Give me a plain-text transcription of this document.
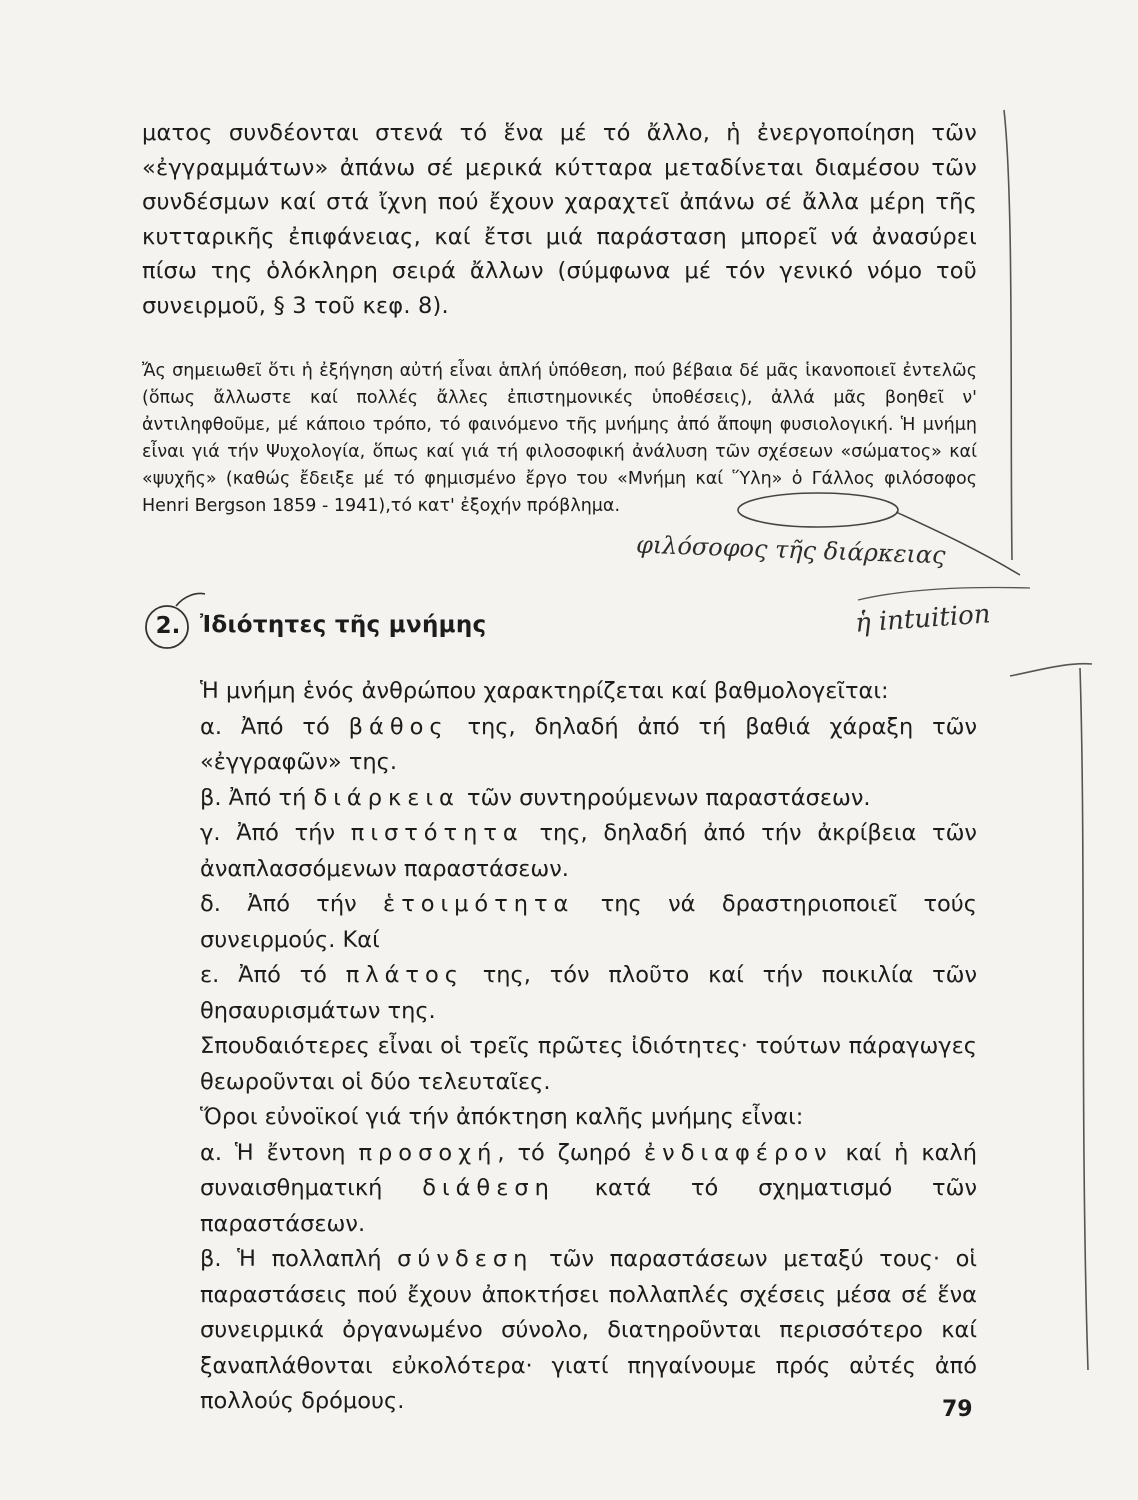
ματος συνδέονται στενά τό ἕνα μέ τό ἄλλο, ἡ ἐνεργοποίηση τῶν «ἐγγραμμάτων» ἀπάνω σέ μερικά κύτταρα μεταδίνεται διαμέσου τῶν συνδέσμων καί στά ἴχνη πού ἔχουν χαραχτεῖ ἀπάνω σέ ἄλλα μέρη τῆς κυτταρικῆς ἐπιφάνειας, καί ἔτσι μιά παράσταση μπορεῖ νά ἀνασύρει πίσω της ὁλόκληρη σειρά ἄλλων (σύμφωνα μέ τόν γενικό νόμο τοῦ συνειρμοῦ, § 3 τοῦ κεφ. 8).

Ἄς σημειωθεῖ ὅτι ἡ ἐξήγηση αὐτή εἶναι ἁπλή ὑπόθεση, πού βέβαια δέ μᾶς ἱκανοποιεῖ ἐντελῶς (ὅπως ἄλλωστε καί πολλές ἄλλες ἐπιστημονικές ὑποθέσεις), ἀλλά μᾶς βοηθεῖ ν' ἀντιληφθοῦμε, μέ κάποιο τρόπο, τό φαινόμενο τῆς μνήμης ἀπό ἄποψη φυσιολογική. Ἡ μνήμη εἶναι γιά τήν Ψυχολογία, ὅπως καί γιά τή φιλοσοφική ἀνάλυση τῶν σχέσεων «σώματος» καί «ψυχῆς» (καθώς ἔδειξε μέ τό φημισμένο ἔργο του «Μνήμη καί Ὕλη» ὁ Γάλλος φιλόσοφος Henri Bergson 1859 - 1941),τό κατ' ἐξοχήν πρόβλημα.

2. Ἰδιότητες τῆς μνήμης

Ἡ μνήμη ἑνός ἀνθρώπου χαρακτηρίζεται καί βαθμολογεῖται:

α. Ἀπό τό βάθος της, δηλαδή ἀπό τή βαθιά χάραξη τῶν «ἐγγραφῶν» της.

β. Ἀπό τή διάρκεια τῶν συντηρούμενων παραστάσεων.

γ. Ἀπό τήν πιστότητα της, δηλαδή ἀπό τήν ἀκρίβεια τῶν ἀναπλασσόμενων παραστάσεων.

δ. Ἀπό τήν ἑτοιμότητα της νά δραστηριοποιεῖ τούς συνειρμούς. Καί

ε. Ἀπό τό πλάτος της, τόν πλοῦτο καί τήν ποικιλία τῶν θησαυρισμάτων της.

Σπουδαιότερες εἶναι οἱ τρεῖς πρῶτες ἰδιότητες· τούτων πάραγωγες θεωροῦνται οἱ δύο τελευταῖες.

Ὅροι εὐνοϊκοί γιά τήν ἀπόκτηση καλῆς μνήμης εἶναι:

α. Ἡ ἔντονη προσοχή, τό ζωηρό ἐνδιαφέρον καί ἡ καλή συναισθηματική διάθεση κατά τό σχηματισμό τῶν παραστάσεων.

β. Ἡ πολλαπλή σύνδεση τῶν παραστάσεων μεταξύ τους· οἱ παραστάσεις πού ἔχουν ἀποκτήσει πολλαπλές σχέσεις μέσα σέ ἕνα συνειρμικά ὀργανωμένο σύνολο, διατηροῦνται περισσότερο καί ξαναπλάθονται εὐκολότερα· γιατί πηγαίνουμε πρός αὐτές ἀπό πολλούς δρόμους.	79
φιλόσοφος τῆς διάρκειας
ἡ intuition
